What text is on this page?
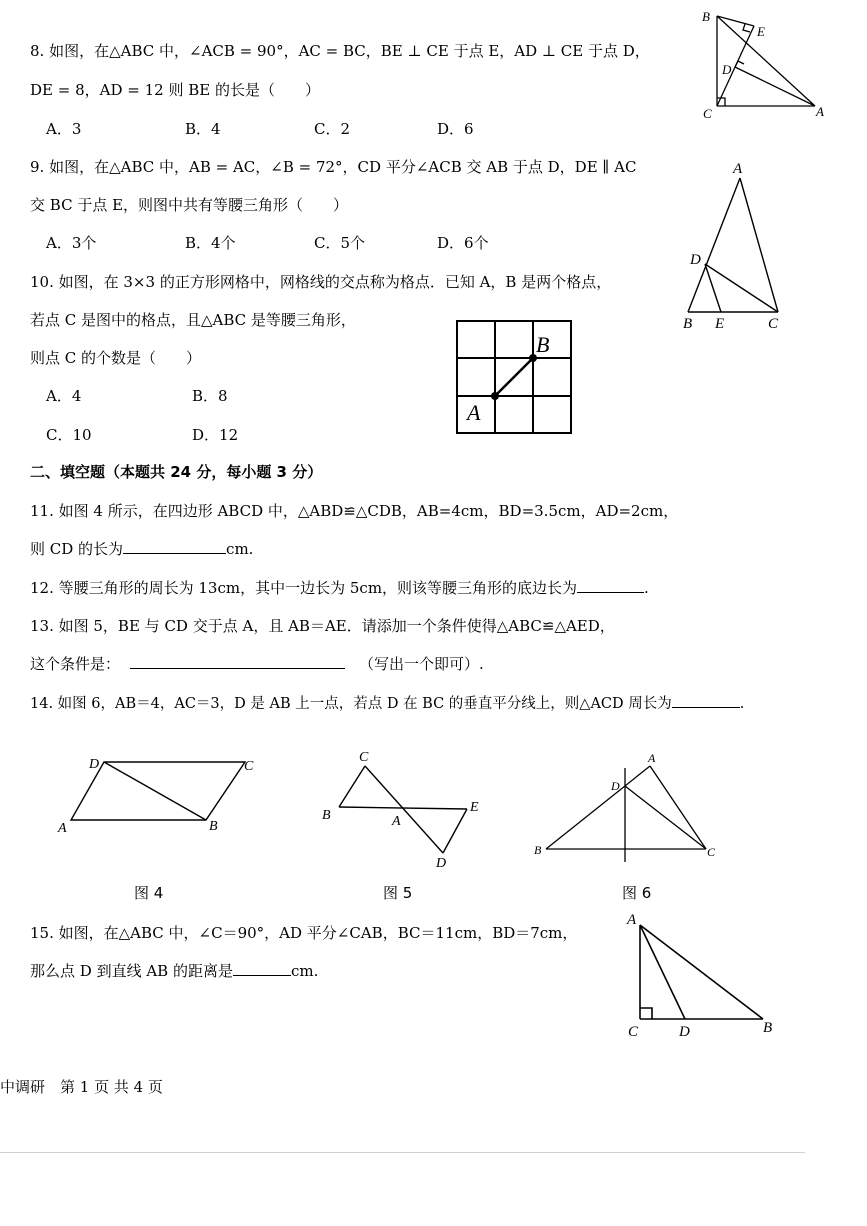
8. 如图，在△ABC 中，∠ACB = 90°，AC = BC，BE ⊥ CE 于点 E，AD ⊥ CE 于点 D，
DE = 8，AD = 12 则 BE 的长是（　　）
A．3	B．4	C．2	D．6
B
E
D
C	A
9. 如图，在△ABC 中，AB = AC，∠B = 72°，CD 平分∠ACB 交 AB 于点 D，DE ∥ AC
交 BC 于点 E，则图中共有等腰三角形（　　）
A．3个	B．4个	C．5个	D．6个
A
D
B E	C
10. 如图，在 3×3 的正方形网格中，网格线的交点称为格点．已知 A，B 是两个格点，
若点 C 是图中的格点，且△ABC 是等腰三角形，
则点 C 的个数是（　　）
A．4	B．8
C．10	D．12
A
B
二、填空题（本题共 24 分，每小题 3 分）
11. 如图 4 所示，在四边形 ABCD 中，△ABD≌△CDB，AB=4cm，BD=3.5cm，AD=2cm，
则 CD 的长为	cm.
12. 等腰三角形的周长为 13cm，其中一边长为 5cm，则该等腰三角形的底边长为	.
13. 如图 5，BE 与 CD 交于点 A，且 AB＝AE．请添加一个条件使得△ABC≌△AED，
这个条件是：	（写出一个即可）.
14. 如图 6，AB＝4，AC＝3，D 是 AB 上一点，若点 D 在 BC 的垂直平分线上，则△ACD 周长为	.
D	C
A	B
图 4
C
B	A
E
D
图 5
A
D
B	C
图 6
15. 如图，在△ABC 中，∠C＝90°，AD 平分∠CAB，BC＝11cm，BD＝7cm，
那么点 D 到直线 AB 的距离是	cm.
A
C	D	B
中调研　第 1 页 共 4 页
